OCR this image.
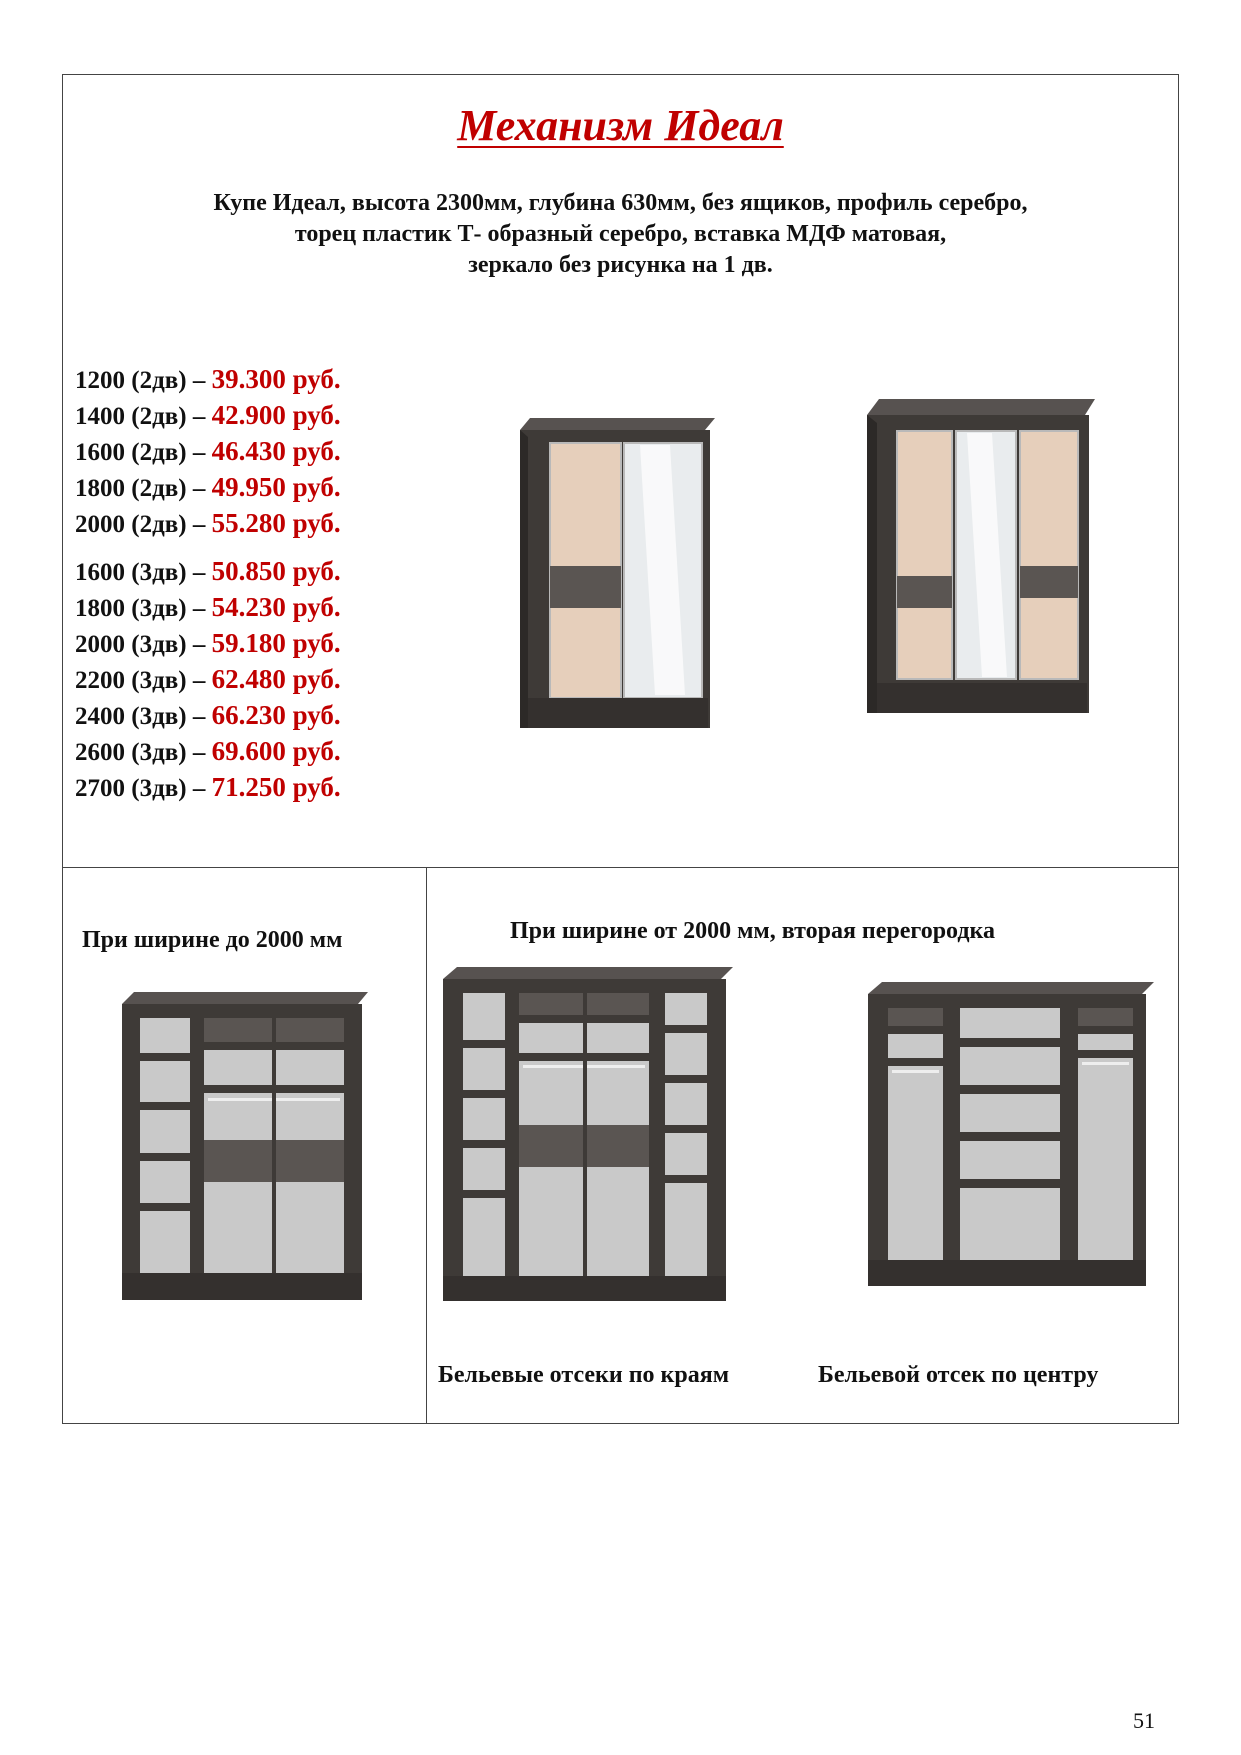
Механизм Идеал
Купе Идеал, высота 2300мм, глубина 630мм, без ящиков, профиль серебро,
торец пластик Т- образный серебро, вставка МДФ матовая,
зеркало без рисунка на 1 дв.
1200 (2дв) – 39.300 руб.
1400 (2дв) – 42.900 руб.
1600 (2дв) – 46.430 руб.
1800 (2дв) – 49.950 руб.
2000 (2дв) – 55.280 руб.
1600 (3дв) – 50.850 руб.
1800 (3дв) – 54.230 руб.
2000 (3дв) – 59.180 руб.
2200 (3дв) – 62.480 руб.
2400 (3дв) – 66.230 руб.
2600 (3дв) – 69.600 руб.
2700 (3дв) – 71.250 руб.
При ширине до 2000 мм	При ширине от 2000 мм, вторая перегородка
Бельевые отсеки по краям	Бельевой отсек по центру
51
